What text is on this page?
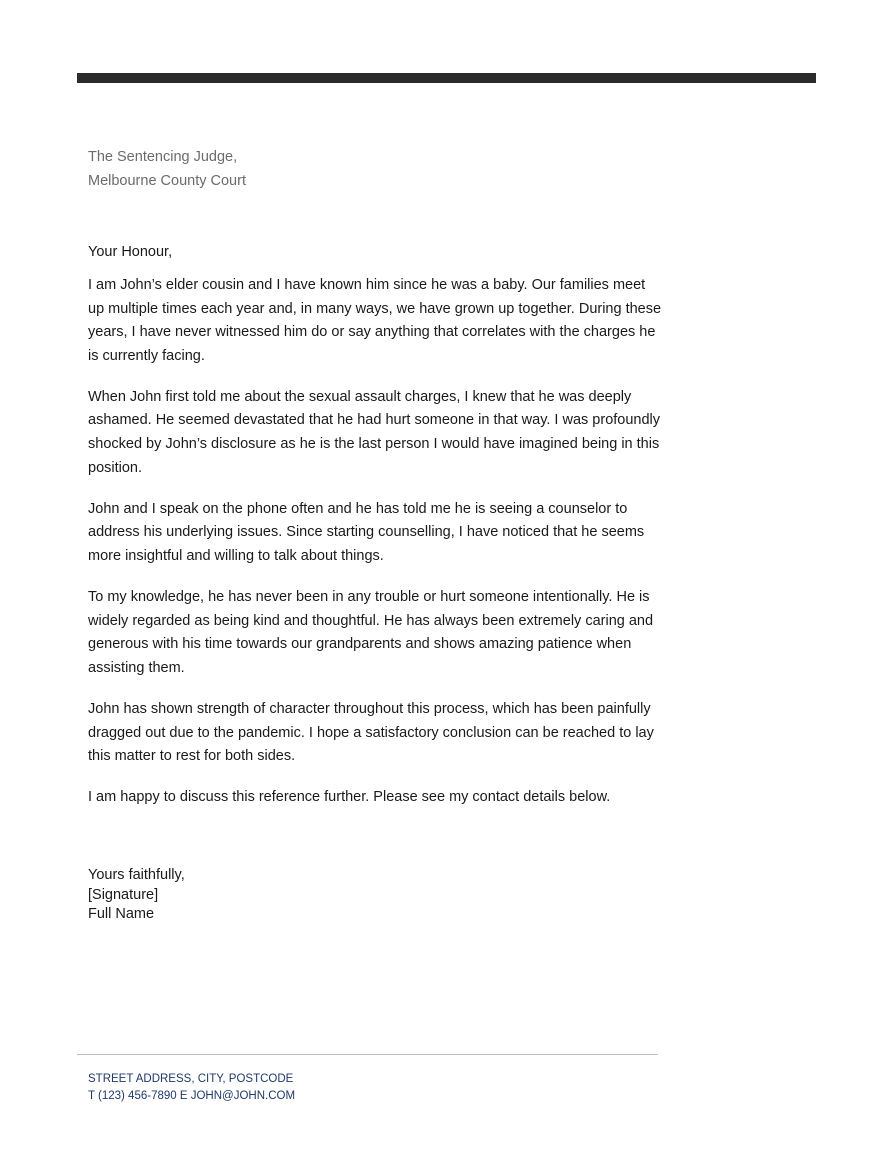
The Sentencing Judge,
Melbourne County Court
Your Honour,

I am John’s elder cousin and I have known him since he was a baby. Our families meet up multiple times each year and, in many ways, we have grown up together. During these years, I have never witnessed him do or say anything that correlates with the charges he is currently facing.

When John first told me about the sexual assault charges, I knew that he was deeply ashamed. He seemed devastated that he had hurt someone in that way. I was profoundly shocked by John’s disclosure as he is the last person I would have imagined being in this position.

John and I speak on the phone often and he has told me he is seeing a counselor to address his underlying issues. Since starting counselling, I have noticed that he seems more insightful and willing to talk about things.

To my knowledge, he has never been in any trouble or hurt someone intentionally. He is widely regarded as being kind and thoughtful. He has always been extremely caring and generous with his time towards our grandparents and shows amazing patience when assisting them.

John has shown strength of character throughout this process, which has been painfully dragged out due to the pandemic. I hope a satisfactory conclusion can be reached to lay this matter to rest for both sides.

I am happy to discuss this reference further. Please see my contact details below.

Yours faithfully,
[Signature]
Full Name
STREET ADDRESS, CITY, POSTCODE
T (123) 456-7890 E JOHN@JOHN.COM
